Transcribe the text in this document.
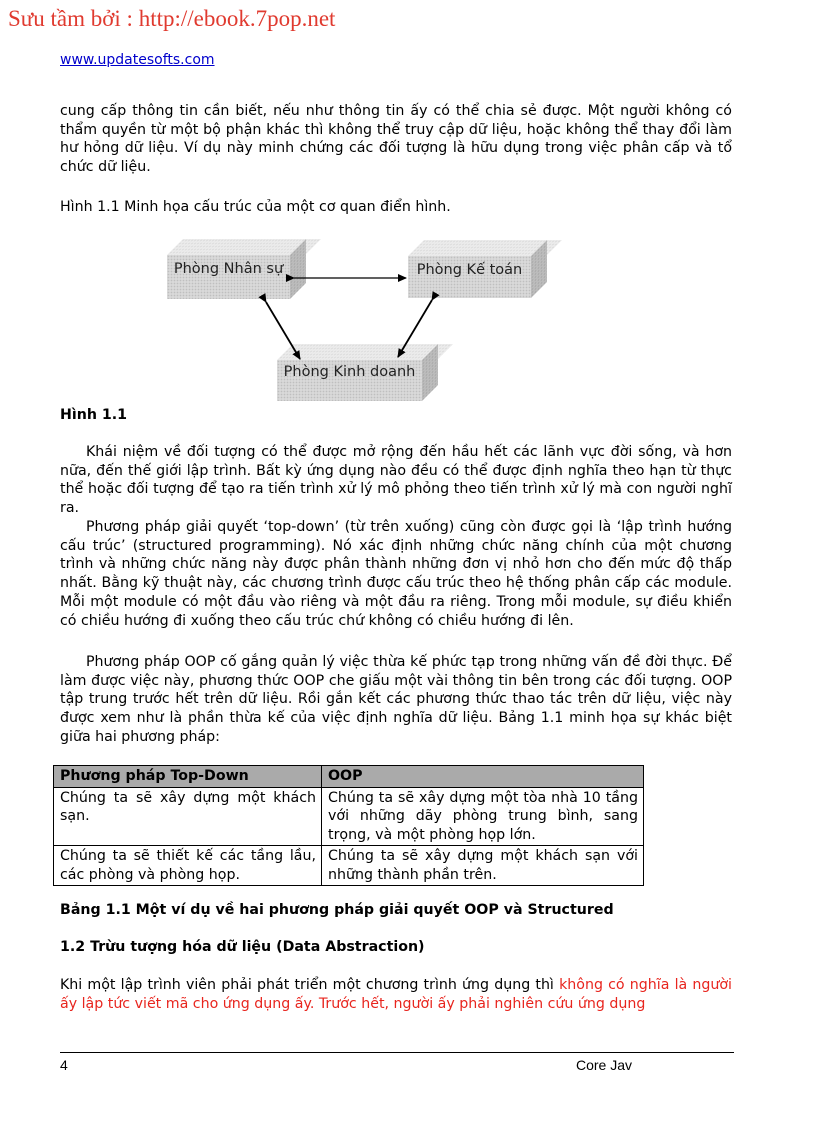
Sưu tầm bởi : http://ebook.7pop.net
www.updatesofts.com

cung cấp thông tin cần biết, nếu như thông tin ấy có thể chia sẻ được. Một người không có thẩm quyền từ một bộ phận khác thì không thể truy cập dữ liệu, hoặc không thể thay đổi làm hư hỏng dữ liệu. Ví dụ này minh chứng các đối tượng là hữu dụng trong việc phân cấp và tổ chức dữ liệu.

Hình 1.1 Minh họa cấu trúc của một cơ quan điển hình.
Phòng Nhân sự	Phòng Kế toán
Phòng Kinh doanh
Hình 1.1

Khái niệm về đối tượng có thể được mở rộng đến hầu hết các lãnh vực đời sống, và hơn nữa, đến thế giới lập trình. Bất kỳ ứng dụng nào đều có thể được định nghĩa theo hạn từ thực thể hoặc đối tượng để tạo ra tiến trình xử lý mô phỏng theo tiến trình xử lý mà con người nghĩ ra.

Phương pháp giải quyết ‘top-down’ (từ trên xuống) cũng còn được gọi là ‘lập trình hướng cấu trúc’ (structured programming). Nó xác định những chức năng chính của một chương trình và những chức năng này được phân thành những đơn vị nhỏ hơn cho đến mức độ thấp nhất. Bằng kỹ thuật này, các chương trình được cấu trúc theo hệ thống phân cấp các module. Mỗi một module có một đầu vào riêng và một đầu ra riêng. Trong mỗi module, sự điều khiển có chiều hướng đi xuống theo cấu trúc chứ không có chiều hướng đi lên.

Phương pháp OOP cố gắng quản lý việc thừa kế phức tạp trong những vấn đề đời thực. Để làm được việc này, phương thức OOP che giấu một vài thông tin bên trong các đối tượng. OOP tập trung trước hết trên dữ liệu. Rồi gắn kết các phương thức thao tác trên dữ liệu, việc này được xem như là phần thừa kế của việc định nghĩa dữ liệu. Bảng 1.1 minh họa sự khác biệt giữa hai phương pháp:

Phương pháp Top-Down	OOP
Chúng ta sẽ xây dựng một khách sạn.	Chúng ta sẽ xây dựng một tòa nhà 10 tầng với những dãy phòng trung bình, sang trọng, và một phòng họp lớn.
Chúng ta sẽ thiết kế các tầng lầu, các phòng và phòng họp.	Chúng ta sẽ xây dựng một khách sạn với những thành phần trên.
Bảng 1.1 Một ví dụ về hai phương pháp giải quyết OOP và Structured
1.2 Trừu tượng hóa dữ liệu (Data Abstraction)

Khi một lập trình viên phải phát triển một chương trình ứng dụng thì không có nghĩa là người ấy lập tức viết mã cho ứng dụng ấy. Trước hết, người ấy phải nghiên cứu ứng dụng

4	Core Jav
